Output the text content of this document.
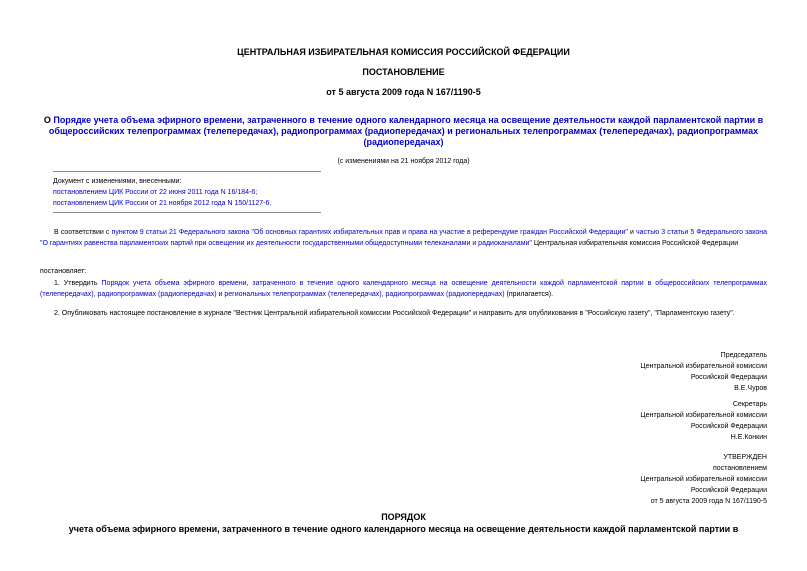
ЦЕНТРАЛЬНАЯ ИЗБИРАТЕЛЬНАЯ КОМИССИЯ РОССИЙСКОЙ ФЕДЕРАЦИИ
ПОСТАНОВЛЕНИЕ
от 5 августа 2009 года N 167/1190-5
О Порядке учета объема эфирного времени, затраченного в течение одного календарного месяца на освещение деятельности каждой парламентской партии в общероссийских телепрограммах (телепередачах), радиопрограммах (радиопередачах) и региональных телепрограммах (телепередачах), радиопрограммах (радиопередачах)
(с изменениями на 21 ноября 2012 года)
Документ с изменениями, внесенными:
постановлением ЦИК России от 22 июня 2011 года N 16/184-6;
постановлением ЦИК России от 21 ноября 2012 года N 150/1127-6.
В соответствии с пунктом 9 статьи 21 Федерального закона "Об основных гарантиях избирательных прав и права на участие в референдуме граждан Российской Федерации" и частью 3 статьи 5 Федерального закона "О гарантиях равенства парламентских партий при освещении их деятельности государственными общедоступными телеканалами и радиоканалами" Центральная избирательная комиссия Российской Федерации
постановляет:
1. Утвердить Порядок учета объема эфирного времени, затраченного в течение одного календарного месяца на освещение деятельности каждой парламентской партии в общероссийских телепрограммах (телепередачах), радиопрограммах (радиопередачах) и региональных телепрограммах (телепередачах), радиопрограммах (радиопередачах) (прилагается).
2. Опубликовать настоящее постановление в журнале "Вестник Центральной избирательной комиссии Российской Федерации" и направить для опубликования в "Российскую газету", "Парламентскую газету".
Председатель
Центральной избирательной комиссии
Российской Федерации
В.Е.Чуров
Секретарь
Центральной избирательной комиссии
Российской Федерации
Н.Е.Конкин
УТВЕРЖДЕН
постановлением
Центральной избирательной комиссии
Российской Федерации
от 5 августа 2009 года N 167/1190-5
ПОРЯДОК
учета объема эфирного времени, затраченного в течение одного календарного месяца на освещение деятельности каждой парламентской партии в
